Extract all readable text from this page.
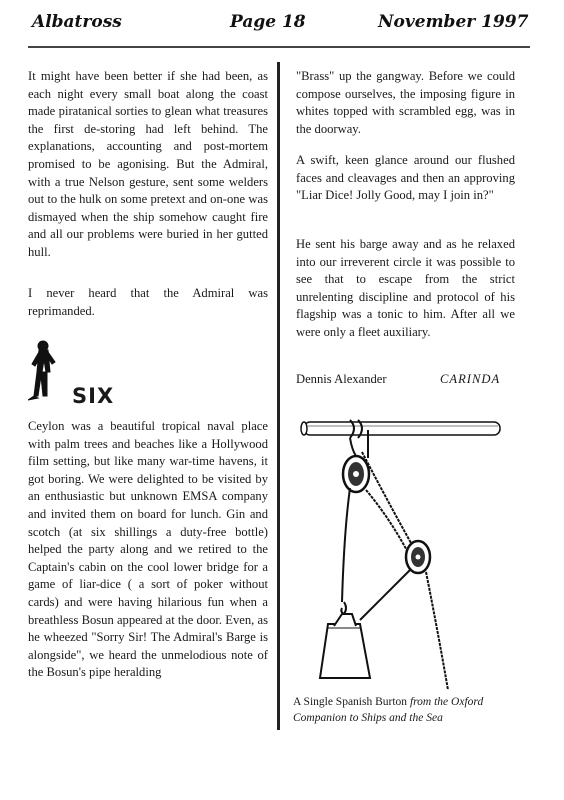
Albatross	Page 18	November 1997

It might have been better if she had been, as each night every small boat along the coast made piratanical sorties to glean what treasures the first de-storing had left behind. The explanations, accounting and post-mortem promised to be agonising. But the Admiral, with a true Nelson gesture, sent some welders out to the hulk on some pretext and on-one was dismayed when the ship somehow caught fire and all our problems were buried in her gutted hull.

I never heard that the Admiral was reprimanded.

SIX

Ceylon was a beautiful tropical naval place with palm trees and beaches like a Hollywood film setting, but like many war-time havens, it got boring. We were delighted to be visited by an enthusiastic but unknown EMSA company and invited them on board for lunch. Gin and scotch (at six shillings a duty-free bottle) helped the party along and we retired to the Captain's cabin on the cool lower bridge for a game of liar-dice ( a sort of poker without cards) and were having hilarious fun when a breathless Bosun appeared at the door. Even, as he wheezed "Sorry Sir! The Admiral's Barge is alongside", we heard the unmelodious note of the Bosun's pipe heralding

"Brass" up the gangway. Before we could compose ourselves, the imposing figure in whites topped with scrambled egg, was in the doorway.

A swift, keen glance around our flushed faces and cleavages and then an approving "Liar Dice! Jolly Good, may I join in?"

He sent his barge away and as he relaxed into our irreverent circle it was possible to see that to escape from the strict unrelenting discipline and protocol of his flagship was a tonic to him. After all we were only a fleet auxiliary.

Dennis Alexander	CARINDA
A Single Spanish Burton from the Oxford Companion to Ships and the Sea
